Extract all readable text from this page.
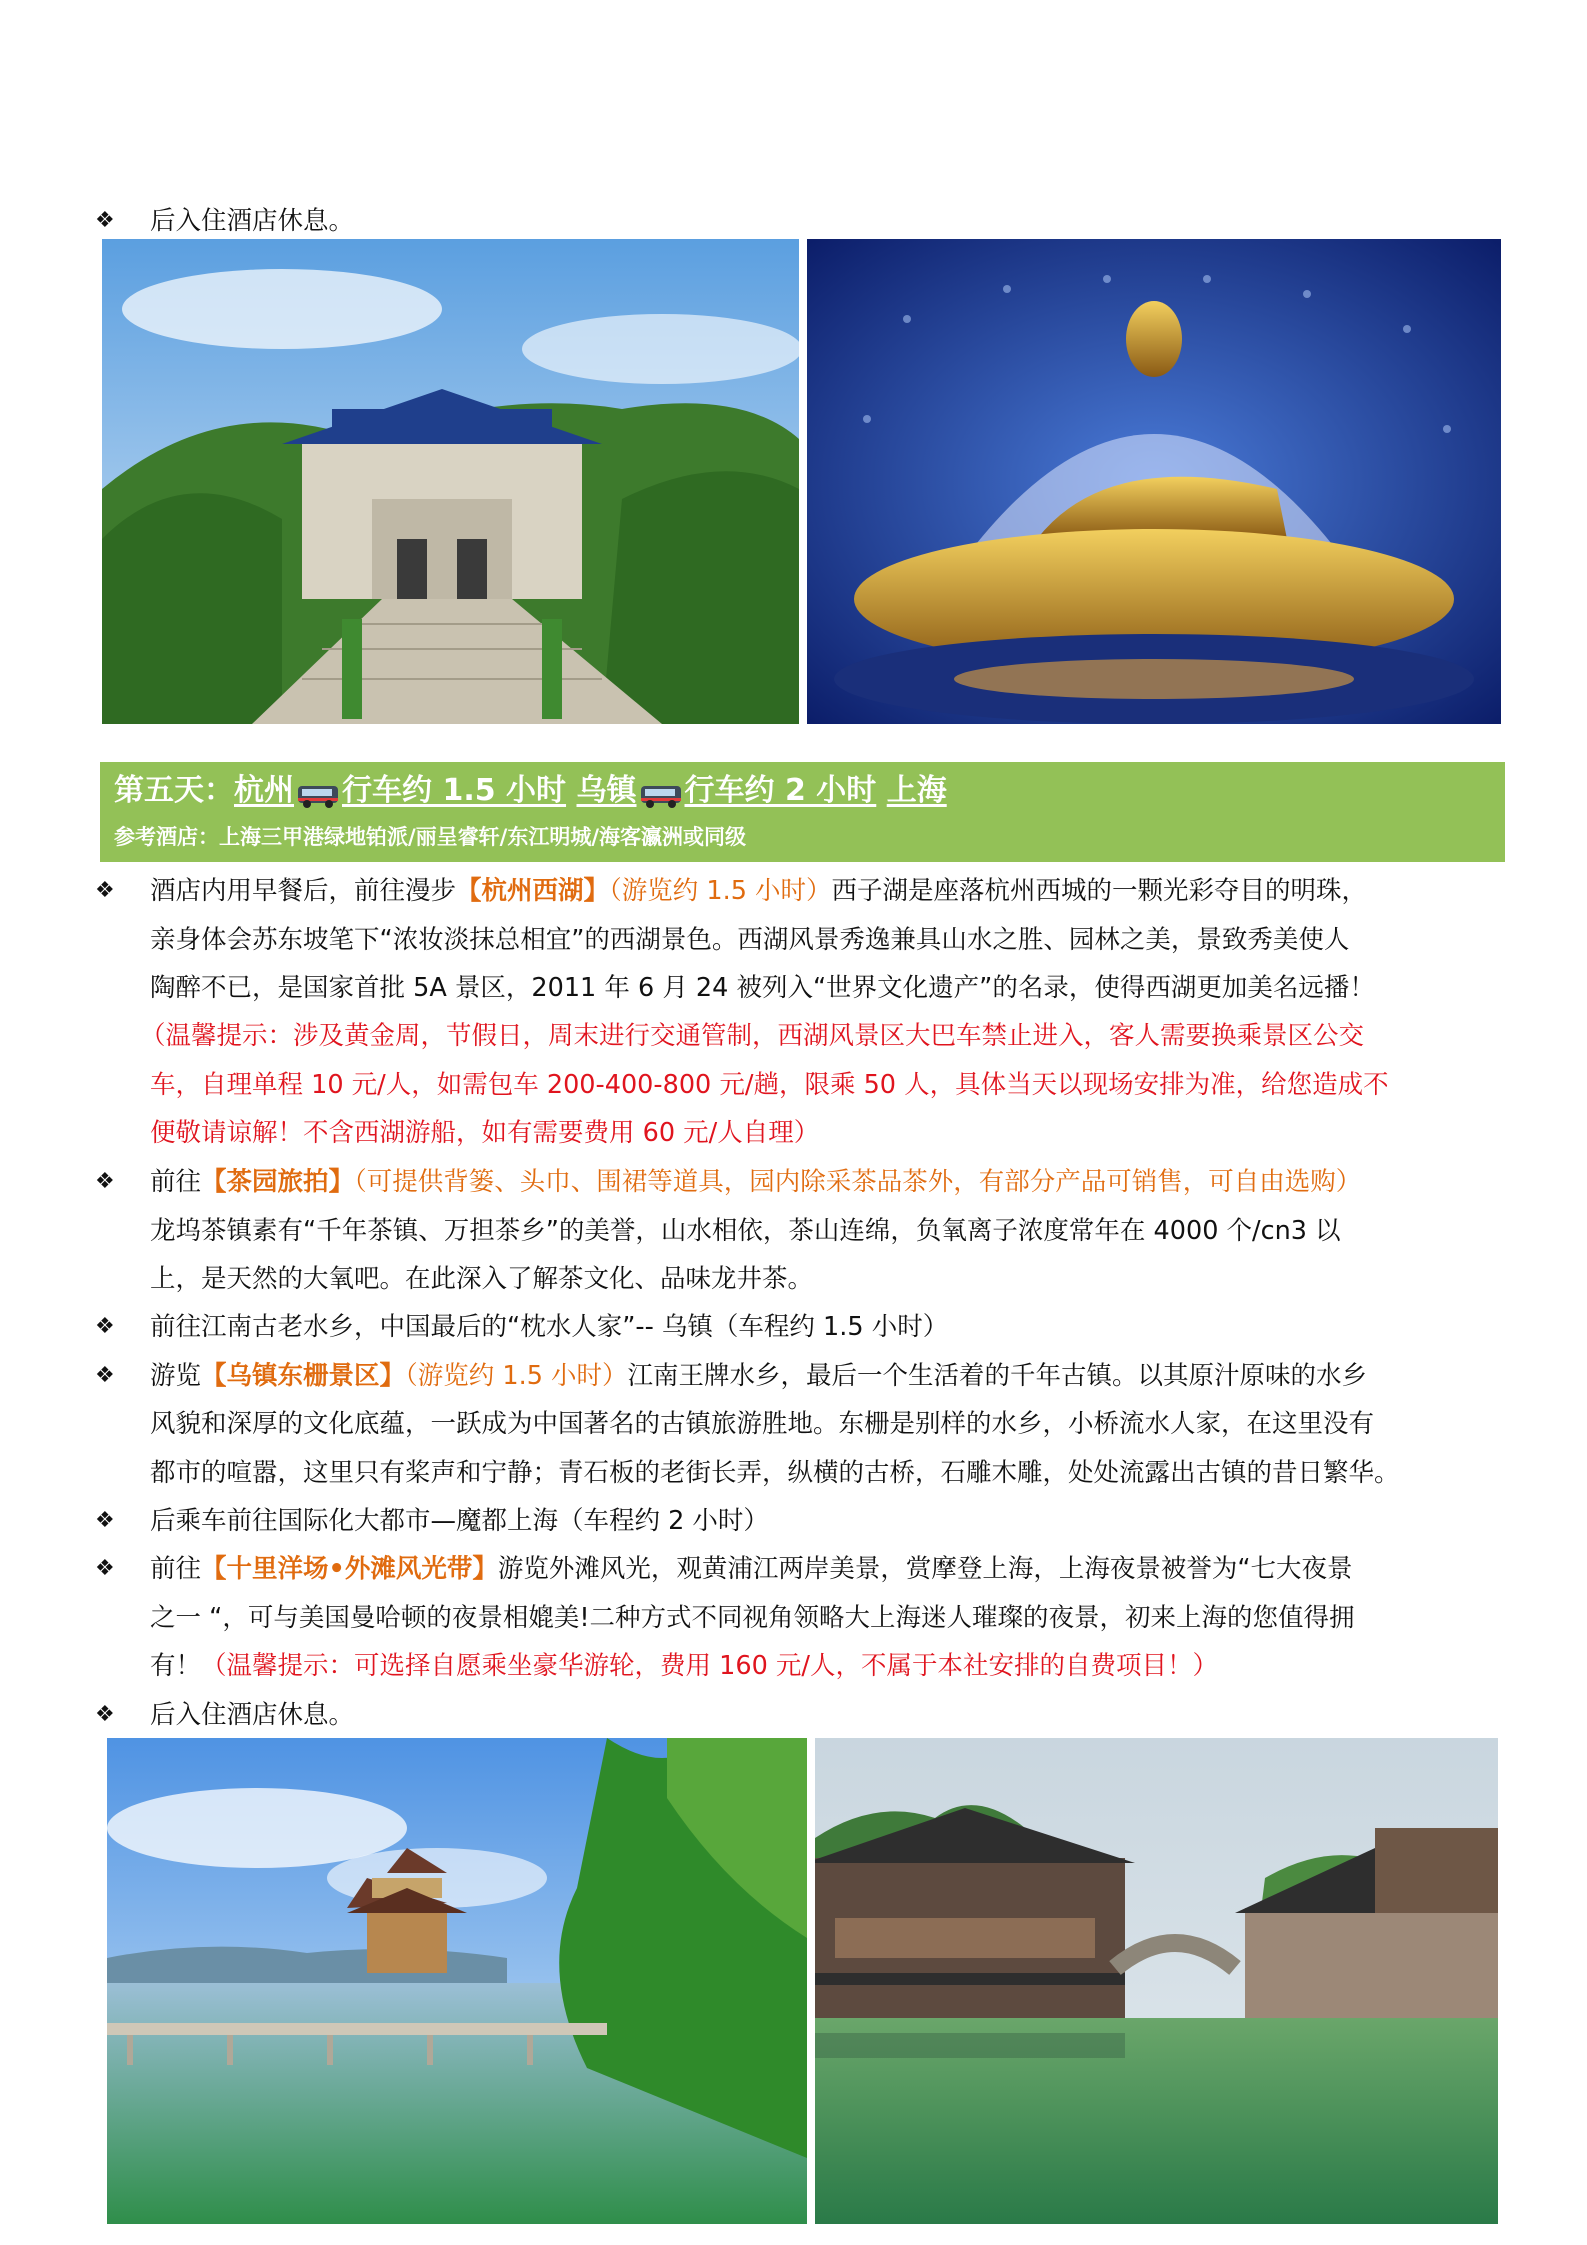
❖ 后入住酒店休息。
第五天：杭州 行车约 1.5 小时 乌镇 行车约 2 小时 上海
参考酒店：上海三甲港绿地铂派/丽呈睿轩/东江明城/海客瀛洲或同级
❖ 酒店内用早餐后，前往漫步【杭州西湖】（游览约 1.5 小时）西子湖是座落杭州西城的一颗光彩夺目的明珠，
亲身体会苏东坡笔下“浓妆淡抹总相宜”的西湖景色。西湖风景秀逸兼具山水之胜、园林之美，景致秀美使人
陶醉不已，是国家首批 5A 景区，2011 年 6 月 24 被列入“世界文化遗产”的名录，使得西湖更加美名远播！
（温馨提示：涉及黄金周，节假日，周末进行交通管制，西湖风景区大巴车禁止进入，客人需要换乘景区公交
车，自理单程 10 元/人，如需包车 200-400-800 元/趟，限乘 50 人，具体当天以现场安排为准，给您造成不
便敬请谅解！不含西湖游船，如有需要费用 60 元/人自理）
❖ 前往【茶园旅拍】（可提供背篓、头巾、围裙等道具，园内除采茶品茶外，有部分产品可销售，可自由选购）
龙坞茶镇素有“千年茶镇、万担茶乡”的美誉，山水相依，茶山连绵，负氧离子浓度常年在 4000 个/cn3 以
上，是天然的大氧吧。在此深入了解茶文化、品味龙井茶。
❖ 前往江南古老水乡，中国最后的“枕水人家”-- 乌镇（车程约 1.5 小时）
❖ 游览【乌镇东栅景区】（游览约 1.5 小时）江南王牌水乡，最后一个生活着的千年古镇。以其原汁原味的水乡
风貌和深厚的文化底蕴，一跃成为中国著名的古镇旅游胜地。东栅是别样的水乡，小桥流水人家，在这里没有
都市的喧嚣，这里只有桨声和宁静；青石板的老街长弄，纵横的古桥，石雕木雕，处处流露出古镇的昔日繁华。
❖ 后乘车前往国际化大都市—魔都上海（车程约 2 小时）
❖ 前往【十里洋场•外滩风光带】游览外滩风光，观黄浦江两岸美景，赏摩登上海，上海夜景被誉为“七大夜景
之一 “，可与美国曼哈顿的夜景相媲美!二种方式不同视角领略大上海迷人璀璨的夜景，初来上海的您值得拥
有！（温馨提示：可选择自愿乘坐豪华游轮，费用 160 元/人，不属于本社安排的自费项目！）
❖ 后入住酒店休息。
